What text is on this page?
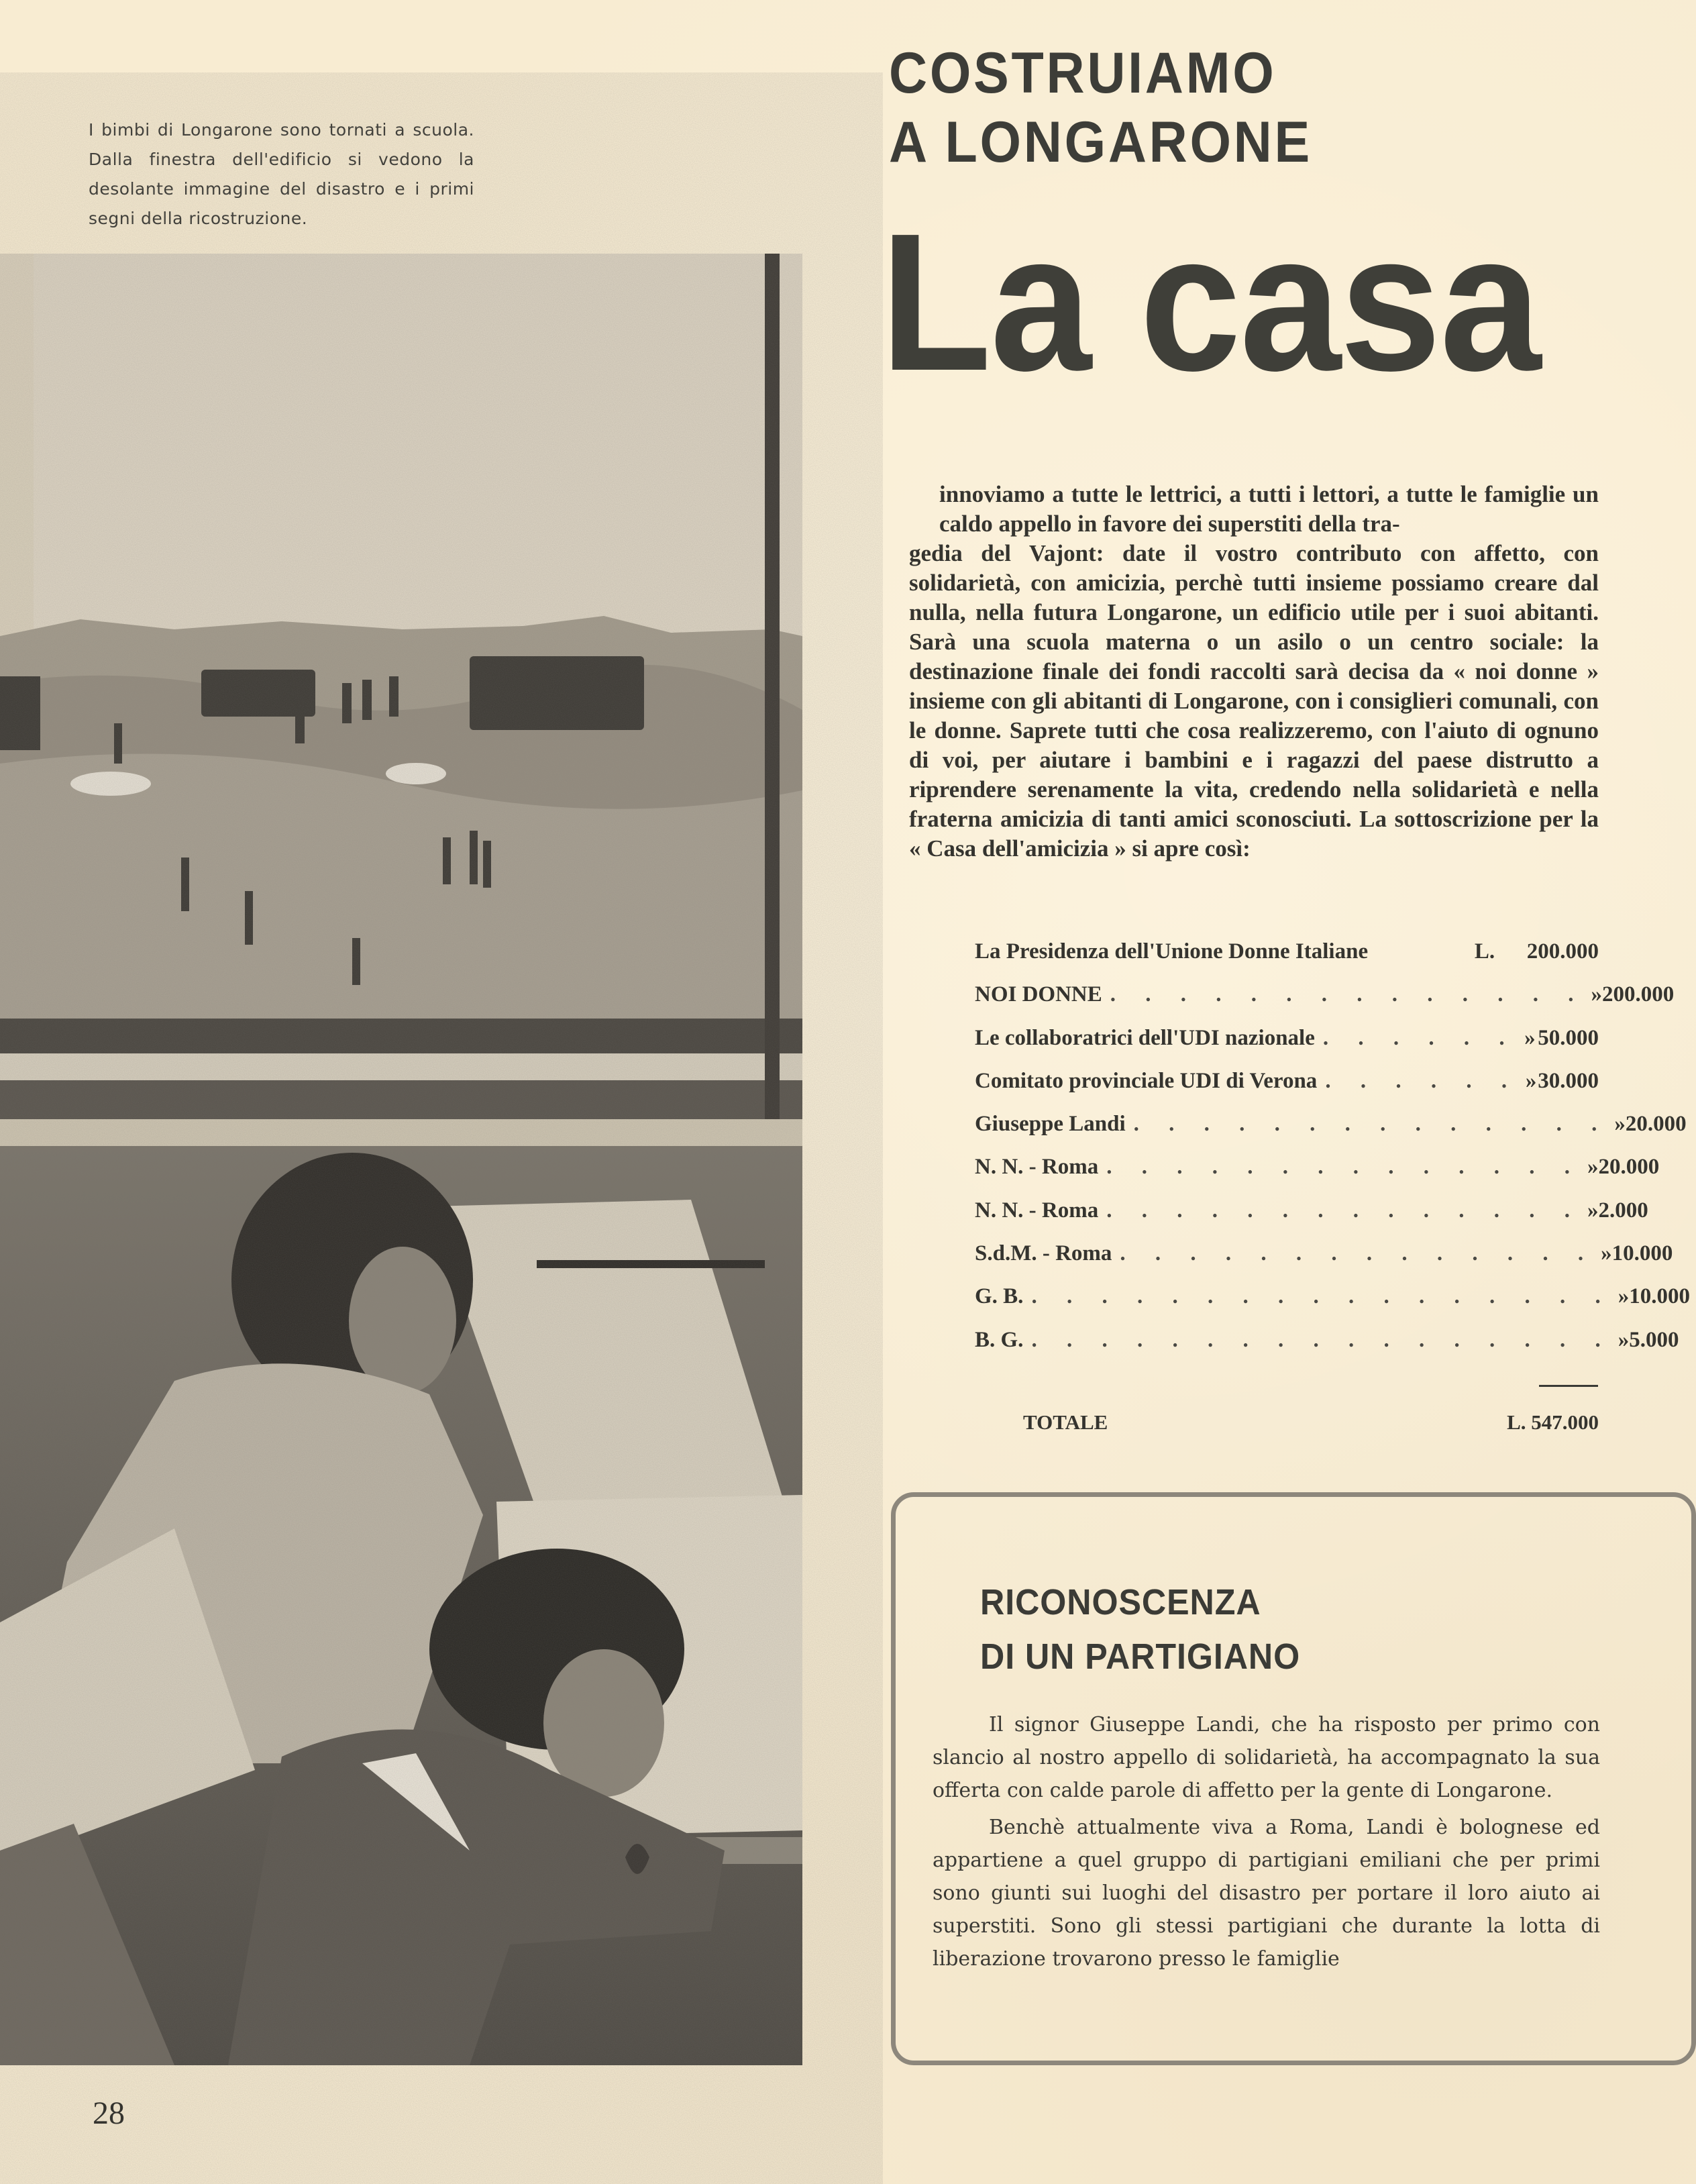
I bimbi di Longarone sono tornati a scuola. Dalla finestra dell'edificio si vedono la desolante immagine del disastro e i primi segni della ricostruzione.
COSTRUIAMO
A LONGARONE
La casa

innoviamo a tutte le lettrici, a tutti i lettori, a tutte le famiglie un caldo appello in favore dei superstiti della tra-

gedia del Vajont: date il vostro contributo con affetto, con solidarietà, con amicizia, perchè tutti insieme possiamo creare dal nulla, nella futura Longarone, un edificio utile per i suoi abitanti. Sarà una scuola materna o un asilo o un centro sociale: la destinazione finale dei fondi raccolti sarà decisa da « noi donne » insieme con gli abitanti di Longarone, con i consiglieri comunali, con le donne. Saprete tutti che cosa realizzeremo, con l'aiuto di ognuno di voi, per aiutare i bambini e i ragazzi del paese distrutto a riprendere serenamente la vita, credendo nella solidarietà e nella fraterna amicizia di tanti amici sconosciuti. La sottoscrizione per la « Casa dell'amicizia » si apre così:

La Presidenza dell'Unione Donne Italiane	L.	200.000
NOI DONNE . . . . . . . . . . . . . . » 200.000
Le collaboratrici dell'UDI nazionale . . . . . . » 50.000
Comitato provinciale UDI di Verona . . . . . . » 30.000
Giuseppe Landi . . . . . . . . . . . . . . » 20.000
N. N. - Roma . . . . . . . . . . . . . . » 20.000
N. N. - Roma . . . . . . . . . . . . . . » 2.000
S.d.M. - Roma . . . . . . . . . . . . . . » 10.000
G. B. . . . . . . . . . . . . . . . . . » 10.000
B. G. . . . . . . . . . . . . . . . . . » 5.000
TOTALE	L. 547.000
RICONOSCENZA
DI UN PARTIGIANO

Il signor Giuseppe Landi, che ha risposto per primo con slancio al nostro appello di solidarietà, ha accompagnato la sua offerta con calde parole di affetto per la gente di Longarone.

Benchè attualmente viva a Roma, Landi è bolognese ed appartiene a quel gruppo di partigiani emiliani che per primi sono giunti sui luoghi del disastro per portare il loro aiuto ai superstiti. Sono gli stessi partigiani che durante la lotta di liberazione trovarono presso le famiglie

28
